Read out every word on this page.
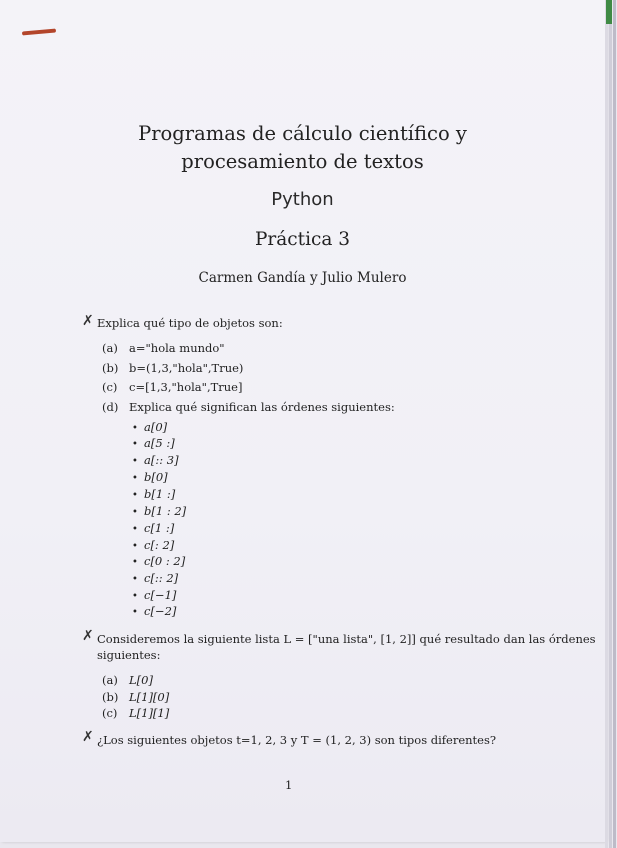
Programas de cálculo científico y
procesamiento de textos
Python
Práctica 3
Carmen Gandía y Julio Mulero
✗ Explica qué tipo de objetos son:
(a) a="hola mundo"
(b) b=(1,3,"hola",True)
(c) c=[1,3,"hola",True]
(d) Explica qué significan las órdenes siguientes:
• a[0]
• a[5 :]
• a[:: 3]
• b[0]
• b[1 :]
• b[1 : 2]
• c[1 :]
• c[: 2]
• c[0 : 2]
• c[:: 2]
• c[−1]
• c[−2]
✗ Consideremos la siguiente lista L = ["una lista", [1, 2]] qué resultado dan las órdenes
siguientes:
(a) L[0]
(b) L[1][0]
(c) L[1][1]
✗ ¿Los siguientes objetos t=1, 2, 3 y T = (1, 2, 3) son tipos diferentes?
1
